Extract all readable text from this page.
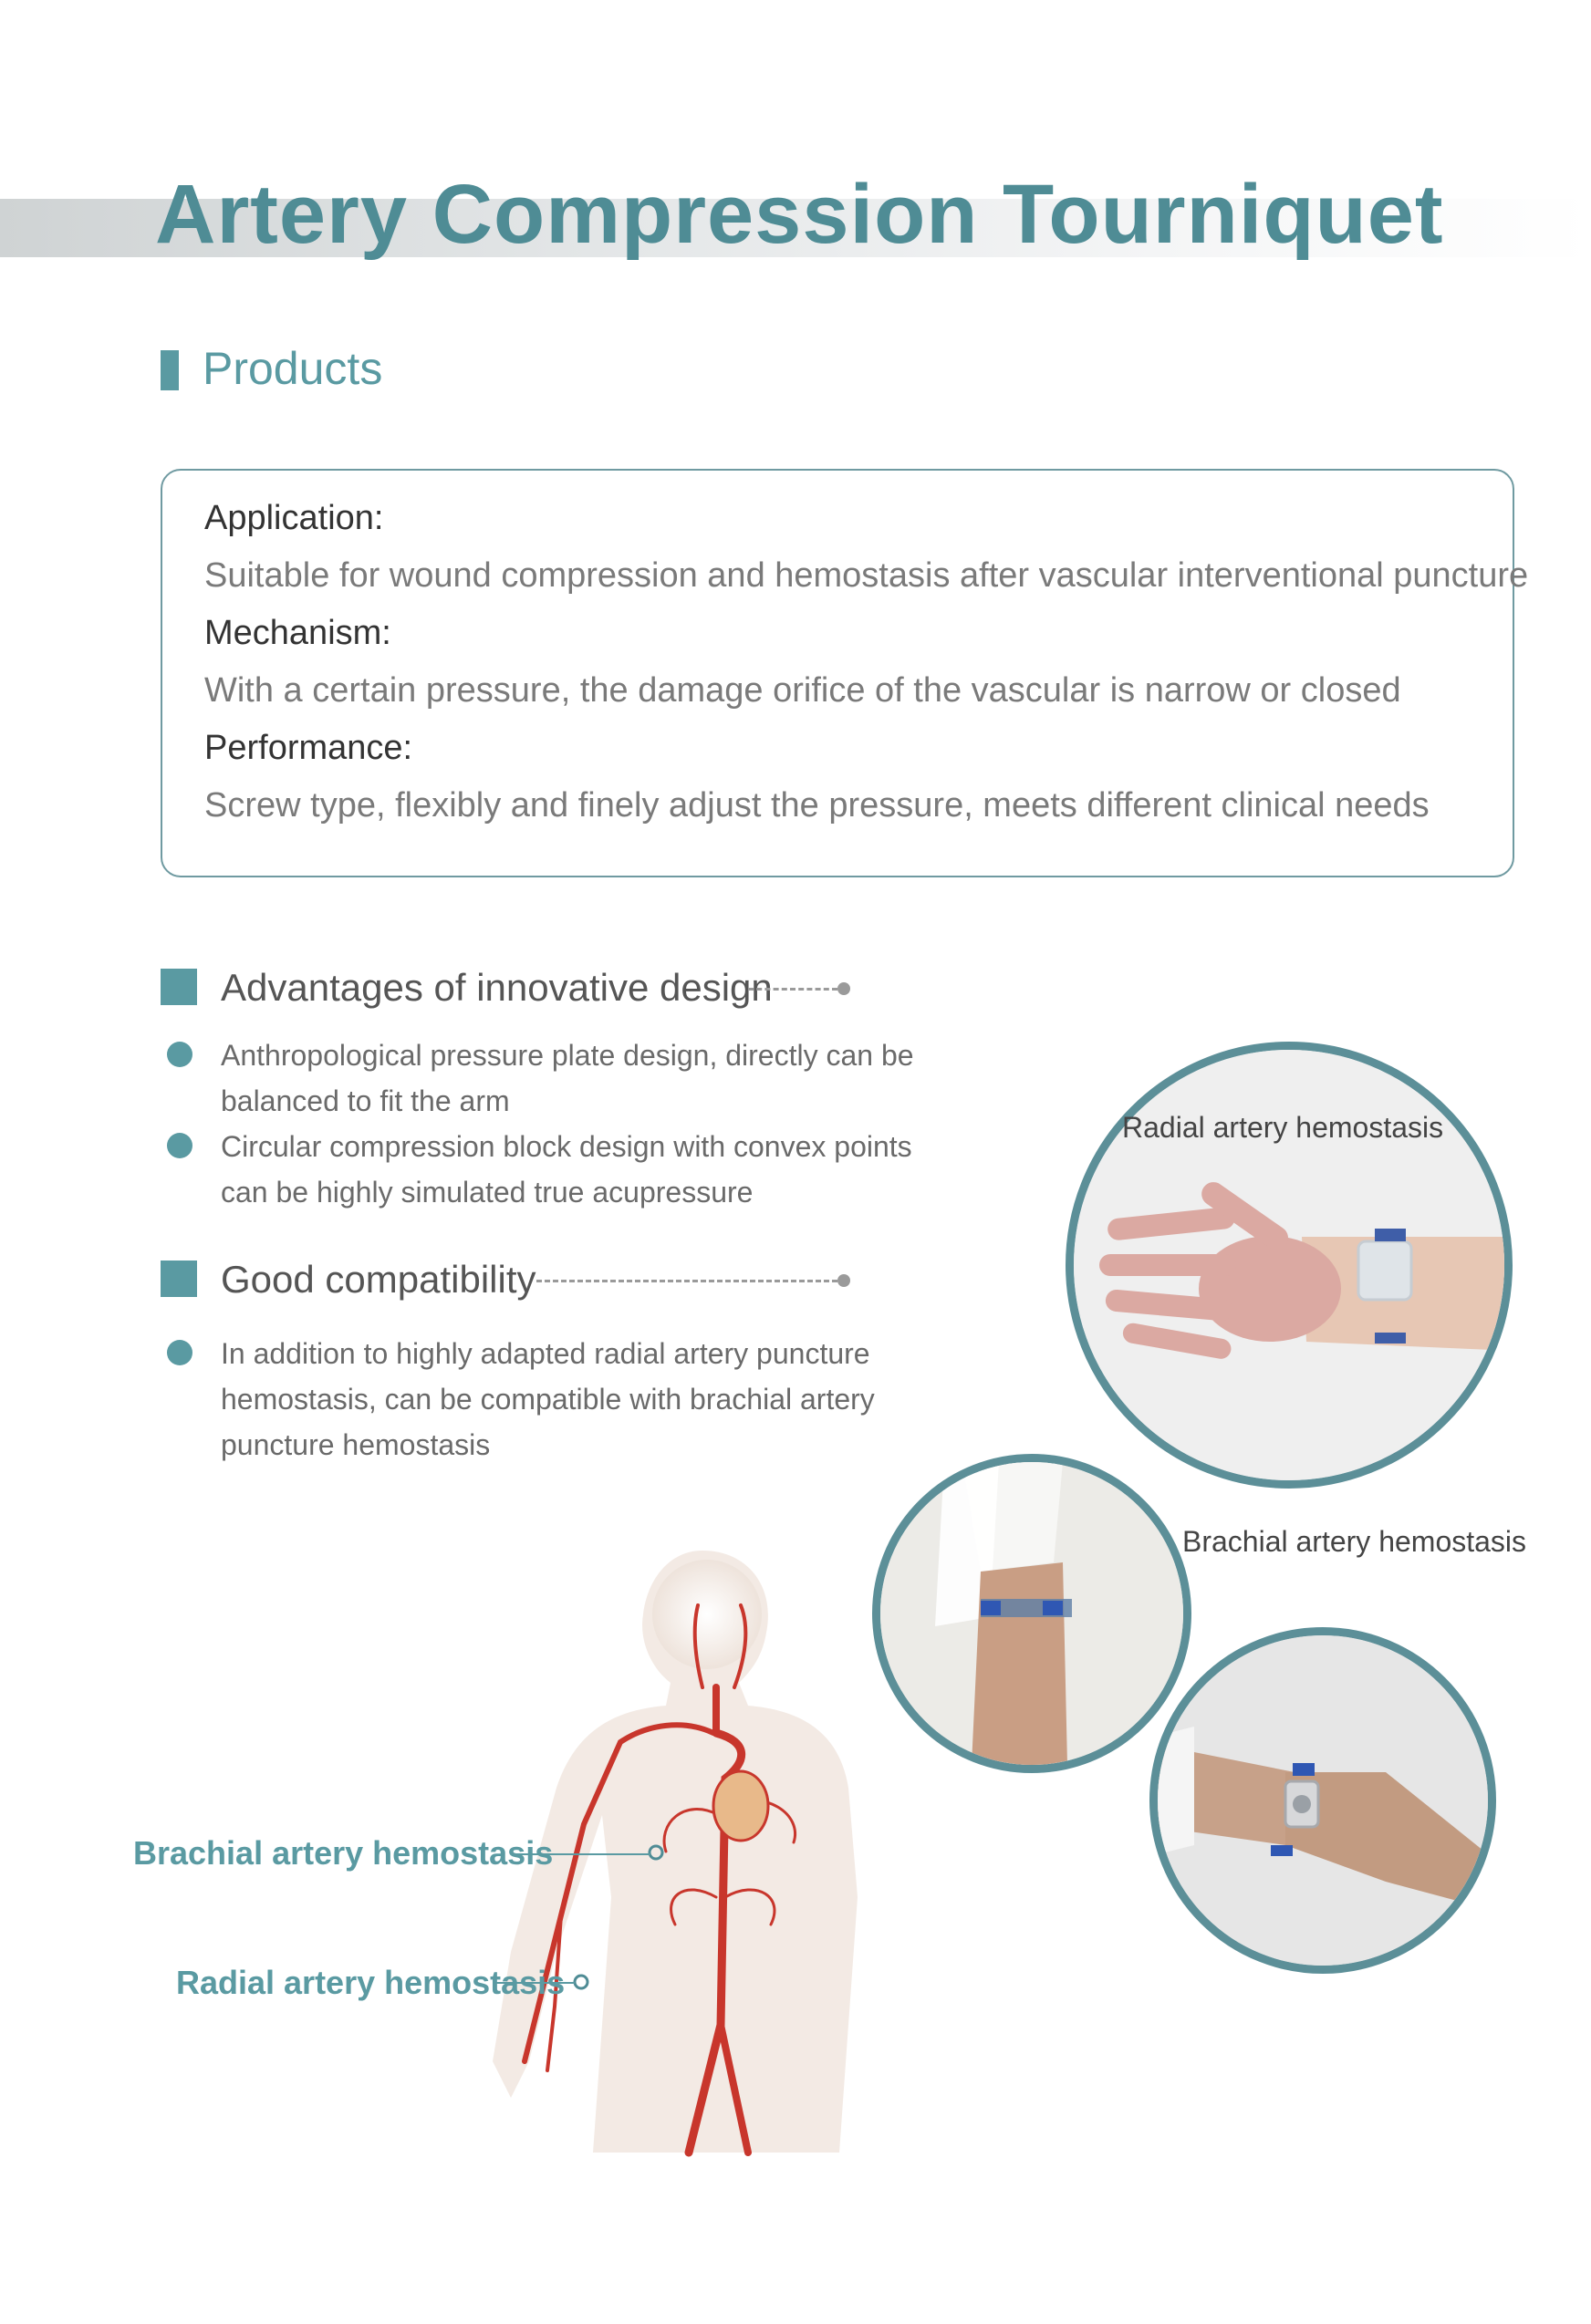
Artery Compression Tourniquet
Products
Application:
Suitable for wound compression and hemostasis after vascular interventional puncture
Mechanism:
With a certain pressure, the damage orifice of the vascular is narrow or closed
Performance:
Screw type, flexibly and finely adjust the pressure, meets different clinical needs
Advantages of innovative design
Anthropological pressure plate design, directly can be balanced to fit the arm
Circular compression block design with convex points can be highly simulated true acupressure
Good compatibility
In addition to highly adapted radial artery puncture hemostasis, can be compatible with brachial artery puncture hemostasis
Radial artery hemostasis
Brachial artery hemostasis
Brachial artery hemostasis
Radial artery hemostasis
